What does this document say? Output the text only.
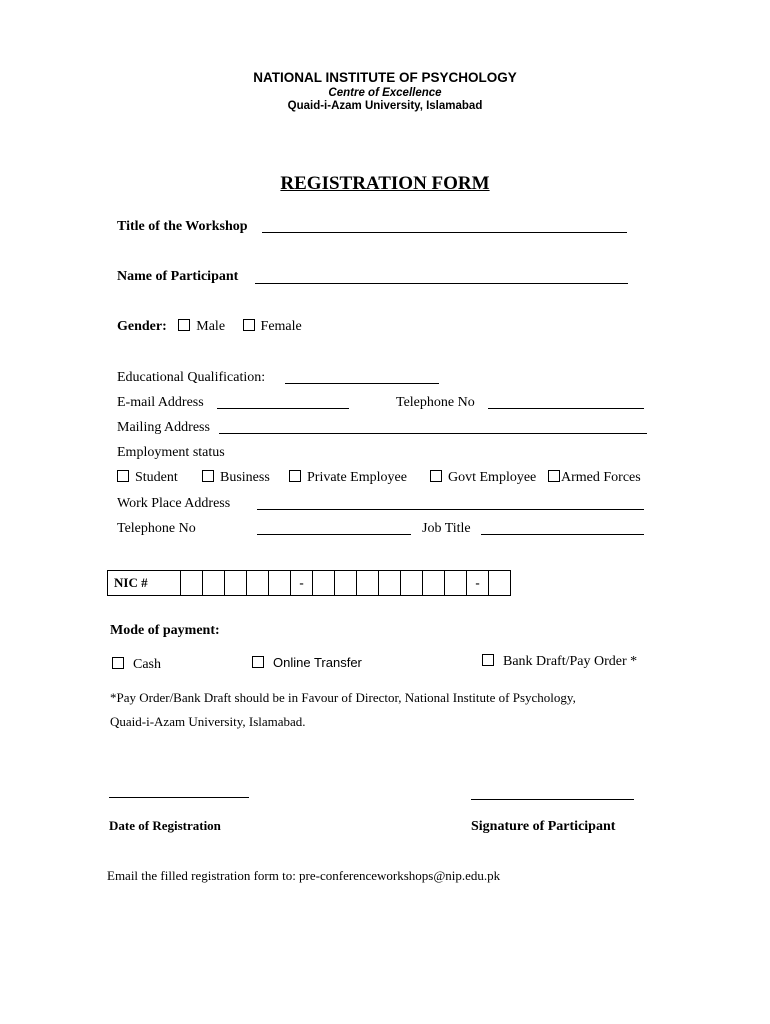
NATIONAL INSTITUTE OF PSYCHOLOGY
Centre of Excellence
Quaid-i-Azam University, Islamabad
REGISTRATION FORM
Title of the Workshop
Name of Participant
Gender: Male	Female
Educational Qualification:
E-mail Address	Telephone No
Mailing Address
Employment status
Student	Business	Private Employee	Govt Employee	Armed Forces
Work Place Address
Telephone No	Job Title
NIC #						-								-	
Mode of payment:
Cash	Online Transfer	Bank Draft/Pay Order *
*Pay Order/Bank Draft should be in Favour of Director, National Institute of Psychology,
Quaid-i-Azam University, Islamabad.
Date of Registration	Signature of Participant
Email the filled registration form to: pre-conferenceworkshops@nip.edu.pk
